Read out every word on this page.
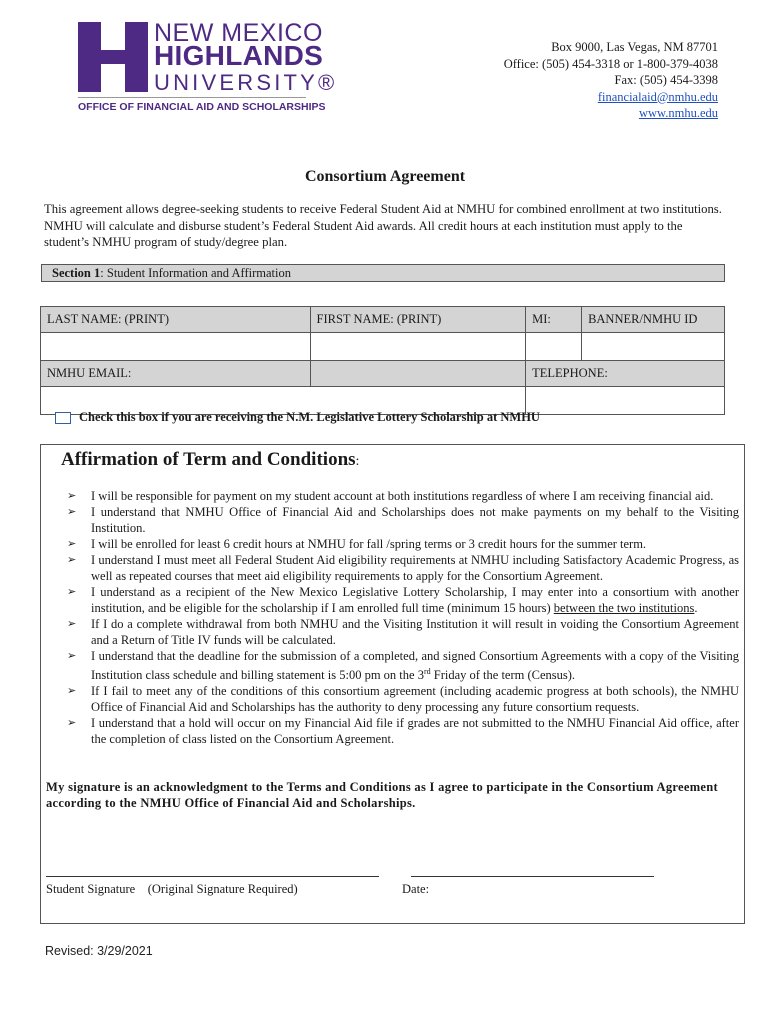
NEW MEXICO
HIGHLANDS
UNIVERSITY®
OFFICE OF FINANCIAL AID AND SCHOLARSHIPS
Box 9000, Las Vegas, NM 87701
Office: (505) 454-3318 or 1-800-379-4038
Fax: (505) 454-3398
financialaid@nmhu.edu
www.nmhu.edu
Consortium Agreement
This agreement allows degree-seeking students to receive Federal Student Aid at NMHU for combined enrollment at two institutions. NMHU will calculate and disburse student’s Federal Student Aid awards. All credit hours at each institution must apply to the student’s NMHU program of study/degree plan.
Section 1: Student Information and Affirmation
LAST NAME: (PRINT)	FIRST NAME: (PRINT)	MI:	BANNER/NMHU ID

NMHU EMAIL:		TELEPHONE:	

Check this box if you are receiving the N.M. Legislative Lottery Scholarship at NMHU
Affirmation of Term and Conditions:
➢ I will be responsible for payment on my student account at both institutions regardless of where I am receiving financial aid.
➢ I understand that NMHU Office of Financial Aid and Scholarships does not make payments on my behalf to the Visiting Institution.
➢ I will be enrolled for least 6 credit hours at NMHU for fall /spring terms or 3 credit hours for the summer term.
➢ I understand I must meet all Federal Student Aid eligibility requirements at NMHU including Satisfactory Academic Progress, as well as repeated courses that meet aid eligibility requirements to apply for the Consortium Agreement.
➢ I understand as a recipient of the New Mexico Legislative Lottery Scholarship, I may enter into a consortium with another institution, and be eligible for the scholarship if I am enrolled full time (minimum 15 hours) between the two institutions.
➢ If I do a complete withdrawal from both NMHU and the Visiting Institution it will result in voiding the Consortium Agreement and a Return of Title IV funds will be calculated.
➢ I understand that the deadline for the submission of a completed, and signed Consortium Agreements with a copy of the Visiting Institution class schedule and billing statement is 5:00 pm on the 3rd Friday of the term (Census).
➢ If I fail to meet any of the conditions of this consortium agreement (including academic progress at both schools), the NMHU Office of Financial Aid and Scholarships has the authority to deny processing any future consortium requests.
➢ I understand that a hold will occur on my Financial Aid file if grades are not submitted to the NMHU Financial Aid office, after the completion of class listed on the Consortium Agreement.
My signature is an acknowledgment to the Terms and Conditions as I agree to participate in the Consortium Agreement according to the NMHU Office of Financial Aid and Scholarships.
Student Signature    (Original Signature Required)	Date:
Revised: 3/29/2021
